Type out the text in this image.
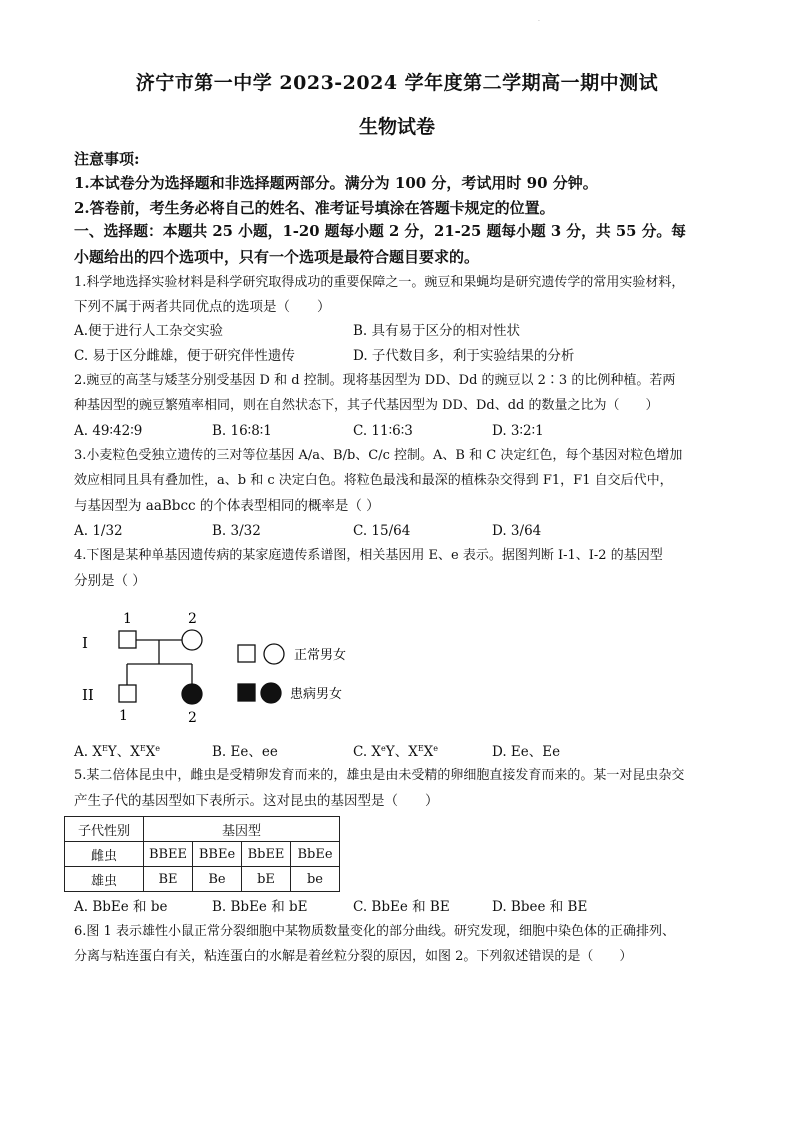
.
济宁市第一中学 2023-2024 学年度第二学期高一期中测试
生物试卷
注意事项:
1.本试卷分为选择题和非选择题两部分。满分为 100 分，考试用时 90 分钟。
2.答卷前，考生务必将自己的姓名、准考证号填涂在答题卡规定的位置。
一、选择题：本题共 25 小题，1-20 题每小题 2 分，21-25 题每小题 3 分，共 55 分。每
小题给出的四个选项中，只有一个选项是最符合题目要求的。
1.科学地选择实验材料是科学研究取得成功的重要保障之一。豌豆和果蝇均是研究遗传学的常用实验材料，
下列不属于两者共同优点的选项是（　　）
A.便于进行人工杂交实验	B. 具有易于区分的相对性状
C. 易于区分雌雄，便于研究伴性遗传	D. 子代数目多，利于实验结果的分析
2.豌豆的高茎与矮茎分别受基因 D 和 d 控制。现将基因型为 DD、Dd 的豌豆以 2∶3 的比例种植。若两
种基因型的豌豆繁殖率相同，则在自然状态下，其子代基因型为 DD、Dd、dd 的数量之比为（　　）
A. 49∶42∶9	B. 16∶8∶1	C. 11∶6∶3	D. 3∶2∶1
3.小麦粒色受独立遗传的三对等位基因 A/a、B/b、C/c 控制。A、B 和 C 决定红色，每个基因对粒色增加
效应相同且具有叠加性，a、b 和 c 决定白色。将粒色最浅和最深的植株杂交得到 F1，F1 自交后代中，
与基因型为 aaBbcc 的个体表型相同的概率是（ ）
A. 1/32	B. 3/32	C. 15/64	D. 3/64
4.下图是某种单基因遗传病的某家庭遗传系谱图，相关基因用 E、e 表示。据图判断 Ⅰ-1、Ⅰ-2 的基因型
分别是（ ）
I
II
1	2
1	2
正常男女
患病男女
A. $X^EY$、$X^EXe$	B. Ee、ee	C. XeY、$X^EXe$	D. Ee、Ee
5.某二倍体昆虫中，雌虫是受精卵发育而来的，雄虫是由未受精的卵细胞直接发育而来的。某一对昆虫杂交
产生子代的基因型如下表所示。这对昆虫的基因型是（　　）
子代性别	基因型			
雌虫	BBEE	BBEe	BbEE	BbEe
雄虫	BE	Be	bE	be
A. BbEe 和 be	B. BbEe 和 bE	C. BbEe 和 BE	D. Bbee 和 BE
6.图 1 表示雄性小鼠正常分裂细胞中某物质数量变化的部分曲线。研究发现，细胞中染色体的正确排列、
分离与粘连蛋白有关，粘连蛋白的水解是着丝粒分裂的原因，如图 2。下列叙述错误的是（　　）
